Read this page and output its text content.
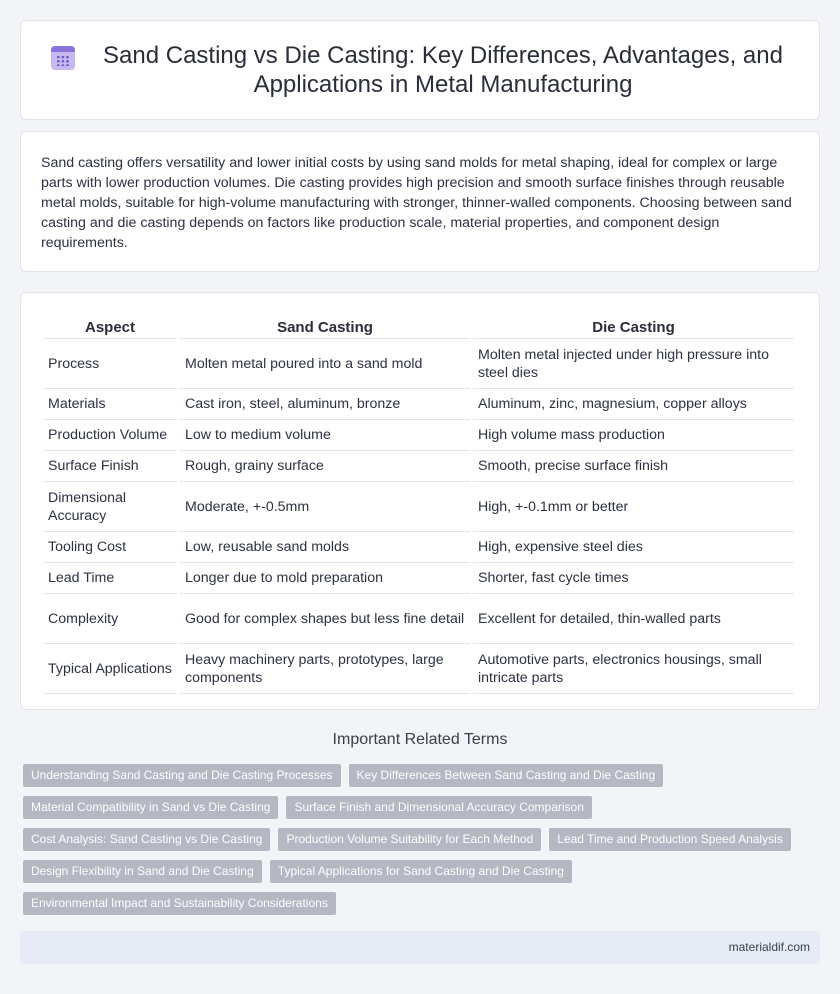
Sand Casting vs Die Casting: Key Differences, Advantages, and Applications in Metal Manufacturing

Sand casting offers versatility and lower initial costs by using sand molds for metal shaping, ideal for complex or large parts with lower production volumes. Die casting provides high precision and smooth surface finishes through reusable metal molds, suitable for high-volume manufacturing with stronger, thinner-walled components. Choosing between sand casting and die casting depends on factors like production scale, material properties, and component design requirements.

Aspect	Sand Casting	Die Casting
Process	Molten metal poured into a sand mold	Molten metal injected under high pressure into steel dies
Materials	Cast iron, steel, aluminum, bronze	Aluminum, zinc, magnesium, copper alloys
Production Volume	Low to medium volume	High volume mass production
Surface Finish	Rough, grainy surface	Smooth, precise surface finish
Dimensional Accuracy	Moderate, +-0.5mm	High, +-0.1mm or better
Tooling Cost	Low, reusable sand molds	High, expensive steel dies
Lead Time	Longer due to mold preparation	Shorter, fast cycle times
Complexity	Good for complex shapes but less fine detail	Excellent for detailed, thin-walled parts
Typical Applications	Heavy machinery parts, prototypes, large components	Automotive parts, electronics housings, small intricate parts
Important Related Terms
Understanding Sand Casting and Die Casting Processes	Key Differences Between Sand Casting and Die Casting
Material Compatibility in Sand vs Die Casting	Surface Finish and Dimensional Accuracy Comparison
Cost Analysis: Sand Casting vs Die Casting	Production Volume Suitability for Each Method	Lead Time and Production Speed Analysis
Design Flexibility in Sand and Die Casting	Typical Applications for Sand Casting and Die Casting
Environmental Impact and Sustainability Considerations
materialdif.com
